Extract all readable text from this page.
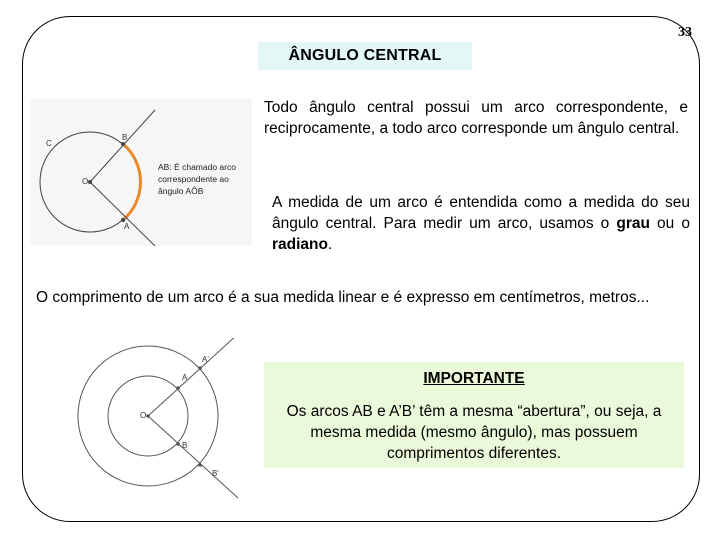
33
ÂNGULO CENTRAL
C
B
O
A
AB: É chamado arco
correspondente ao
ângulo AÔB
Todo ângulo central possui um arco correspondente, e reciprocamente, a todo arco corresponde um ângulo central.
A medida de um arco é entendida como a medida do seu ângulo central. Para medir um arco, usamos o grau ou o radiano.
O comprimento de um arco é a sua medida linear e é expresso em centímetros, metros...
A'
A
O
B
B'
IMPORTANTE
Os arcos AB e A’B’ têm a mesma “abertura”, ou seja, a mesma medida (mesmo ângulo), mas possuem comprimentos diferentes.
